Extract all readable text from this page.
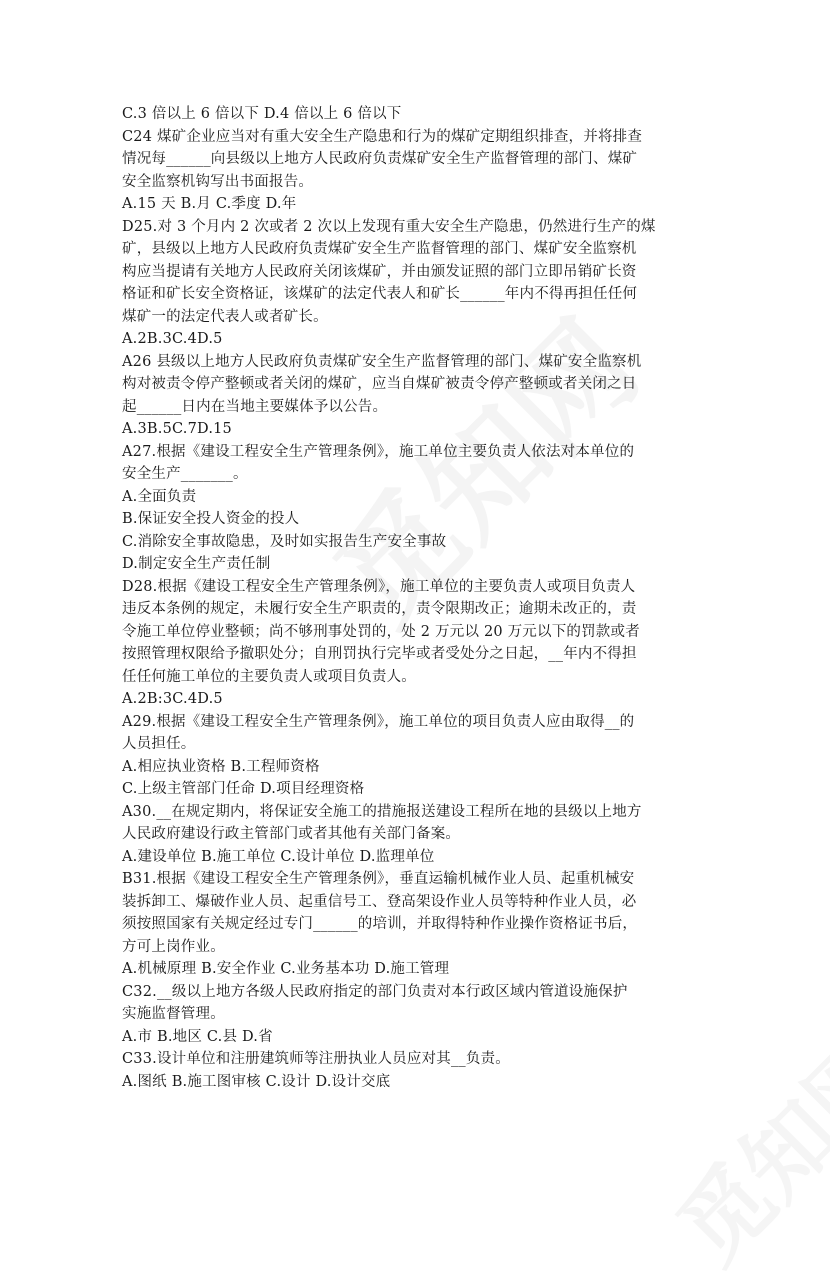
C.3 倍以上 6 倍以下 D.4 倍以上 6 倍以下
C24 煤矿企业应当对有重大安全生产隐患和行为的煤矿定期组织排查，并将排查
情况每______向县级以上地方人民政府负责煤矿安全生产监督管理的部门、煤矿
安全监察机钩写出书面报告。
A.15 天 B.月 C.季度 D.年
D25.对 3 个月内 2 次或者 2 次以上发现有重大安全生产隐患，仍然进行生产的煤
矿，县级以上地方人民政府负责煤矿安全生产监督管理的部门、煤矿安全监察机
构应当提请有关地方人民政府关闭该煤矿，并由颁发证照的部门立即吊销矿长资
格证和矿长安全资格证，该煤矿的法定代表人和矿长______年内不得再担任任何
煤矿一的法定代表人或者矿长。
A.2B.3C.4D.5
A26 县级以上地方人民政府负责煤矿安全生产监督管理的部门、煤矿安全监察机
构对被责令停产整顿或者关闭的煤矿，应当自煤矿被责令停产整顿或者关闭之日
起______日内在当地主要媒体予以公告。
A.3B.5C.7D.15
A27.根据《建设工程安全生产管理条例》，施工单位主要负责人依法对本单位的
安全生产_______。
A.全面负责
B.保证安全投人资金的投人
C.消除安全事故隐患，及时如实报告生产安全事故
D.制定安全生产责任制
D28.根据《建设工程安全生产管理条例》，施工单位的主要负责人或项目负责人
违反本条例的规定，未履行安全生产职责的，责令限期改正；逾期未改正的，责
令施工单位停业整顿；尚不够刑事处罚的，处 2 万元以 20 万元以下的罚款或者
按照管理权限给予撤职处分；自刑罚执行完毕或者受处分之日起，__年内不得担
任任何施工单位的主要负责人或项目负责人。
A.2B:3C.4D.5
A29.根据《建设工程安全生产管理条例》，施工单位的项目负责人应由取得__的
人员担任。
A.相应执业资格 B.工程师资格
C.上级主管部门任命 D.项目经理资格
A30.__在规定期内，将保证安全施工的措施报送建设工程所在地的县级以上地方
人民政府建设行政主管部门或者其他有关部门备案。
A.建设单位 B.施工单位 C.设计单位 D.监理单位
B31.根据《建设工程安全生产管理条例》，垂直运输机械作业人员、起重机械安
装拆卸工、爆破作业人员、起重信号工、登高架设作业人员等特种作业人员，必
须按照国家有关规定经过专门______的培训，并取得特种作业操作资格证书后，
方可上岗作业。
A.机械原理 B.安全作业 C.业务基本功 D.施工管理
C32.__级以上地方各级人民政府指定的部门负责对本行政区域内管道设施保护
实施监督管理。
A.市 B.地区 C.县 D.省
C33.设计单位和注册建筑师等注册执业人员应对其__负责。
A.图纸 B.施工图审核 C.设计 D.设计交底
